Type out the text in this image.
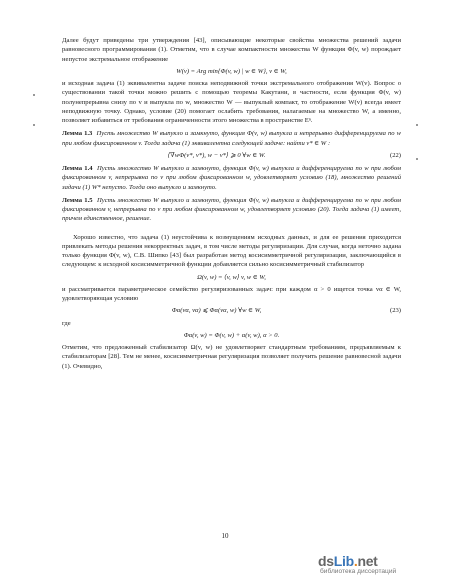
Далее будут приведены три утверждения [43], описывающие некоторые свойства множества решений задачи равновесного программирования (1). Отметим, что в случае компактности множества W функция Φ(v, w) порождает непустое экстремальное отображение

W(v) = Arg min{Φ(v, w) | w ∈ W}, v ∈ W,

и исходная задача (1) эквивалентна задаче поиска неподвижной точки экстремального отображения W(v). Вопрос о существовании такой точки можно решить с помощью теоремы Какутани, в частности, если функция Φ(v, w) полунепрерывна снизу по v и выпукла по w, множество W — выпуклый компакт, то отображение W(v) всегда имеет неподвижную точку. Однако, условие (20) помогает ослабить требования, налагаемые на множество W, а именно, позволяет избавиться от требования ограниченности этого множества в пространстве Eⁿ.

Лемма 1.3 Пусть множество W выпукло и замкнуто, функция Φ(v, w) выпукла и непрерывно дифференцируема по w при любом фиксированном v. Тогда задача (1) эквивалентна следующей задаче: найти v* ∈ W :

⟨∇wΦ(v*, v*), w − v*⟩ ⩾ 0 ∀w ∈ W.	(22)

Лемма 1.4 Пусть множество W выпукло и замкнуто, функция Φ(v, w) выпукла и дифференцируема по w при любом фиксированном v, непрерывна по v при любом фиксированном w, удовлетворяет условию (18), множество решений задачи (1) W* непусто. Тогда оно выпукло и замкнуто.

Лемма 1.5 Пусть множество W выпукло и замкнуто, функция Φ(v, w) выпукла и дифференцируема по w при любом фиксированном v, непрерывна по v при любом фиксированном w, удовлетворяет условию (20). Тогда задача (1) имеет, причем единственное, решение.

Хорошо известно, что задача (1) неустойчива к возмущениям исходных данных, и для ее решения приходится привлекать методы решения некорректных задач, в том числе методы регуляризации. Для случая, когда неточно задана только функция Φ(v, w), С.В. Шипко [43] был разработан метод косисимметричной регуляризации, заключающийся в следующем: к исходной косисимметричной функции добавляется сильно косисимметричный стабилизатор

Ω(v, w) = ⟨v, w⟩ v, w ∈ W,

и рассматривается параметрическое семейство регуляризованных задач: при каждом α > 0 ищется точка vα ∈ W, удовлетворяющая условию

Φα(vα, vα) ⩽ Φα(vα, w) ∀w ∈ W,	(23)

где

Φα(v, w) = Φ(v, w) + α(v, w), α > 0.

Отметим, что предложенный стабилизатор Ω(v, w) не удовлетворяет стандартным требованиям, предъявляемым к стабилизаторам [28]. Тем не менее, косисимметричная регуляризация позволяет получить решение равновесной задачи (1). Очевидно,

10
dsLib.net
библиотека диссертаций
